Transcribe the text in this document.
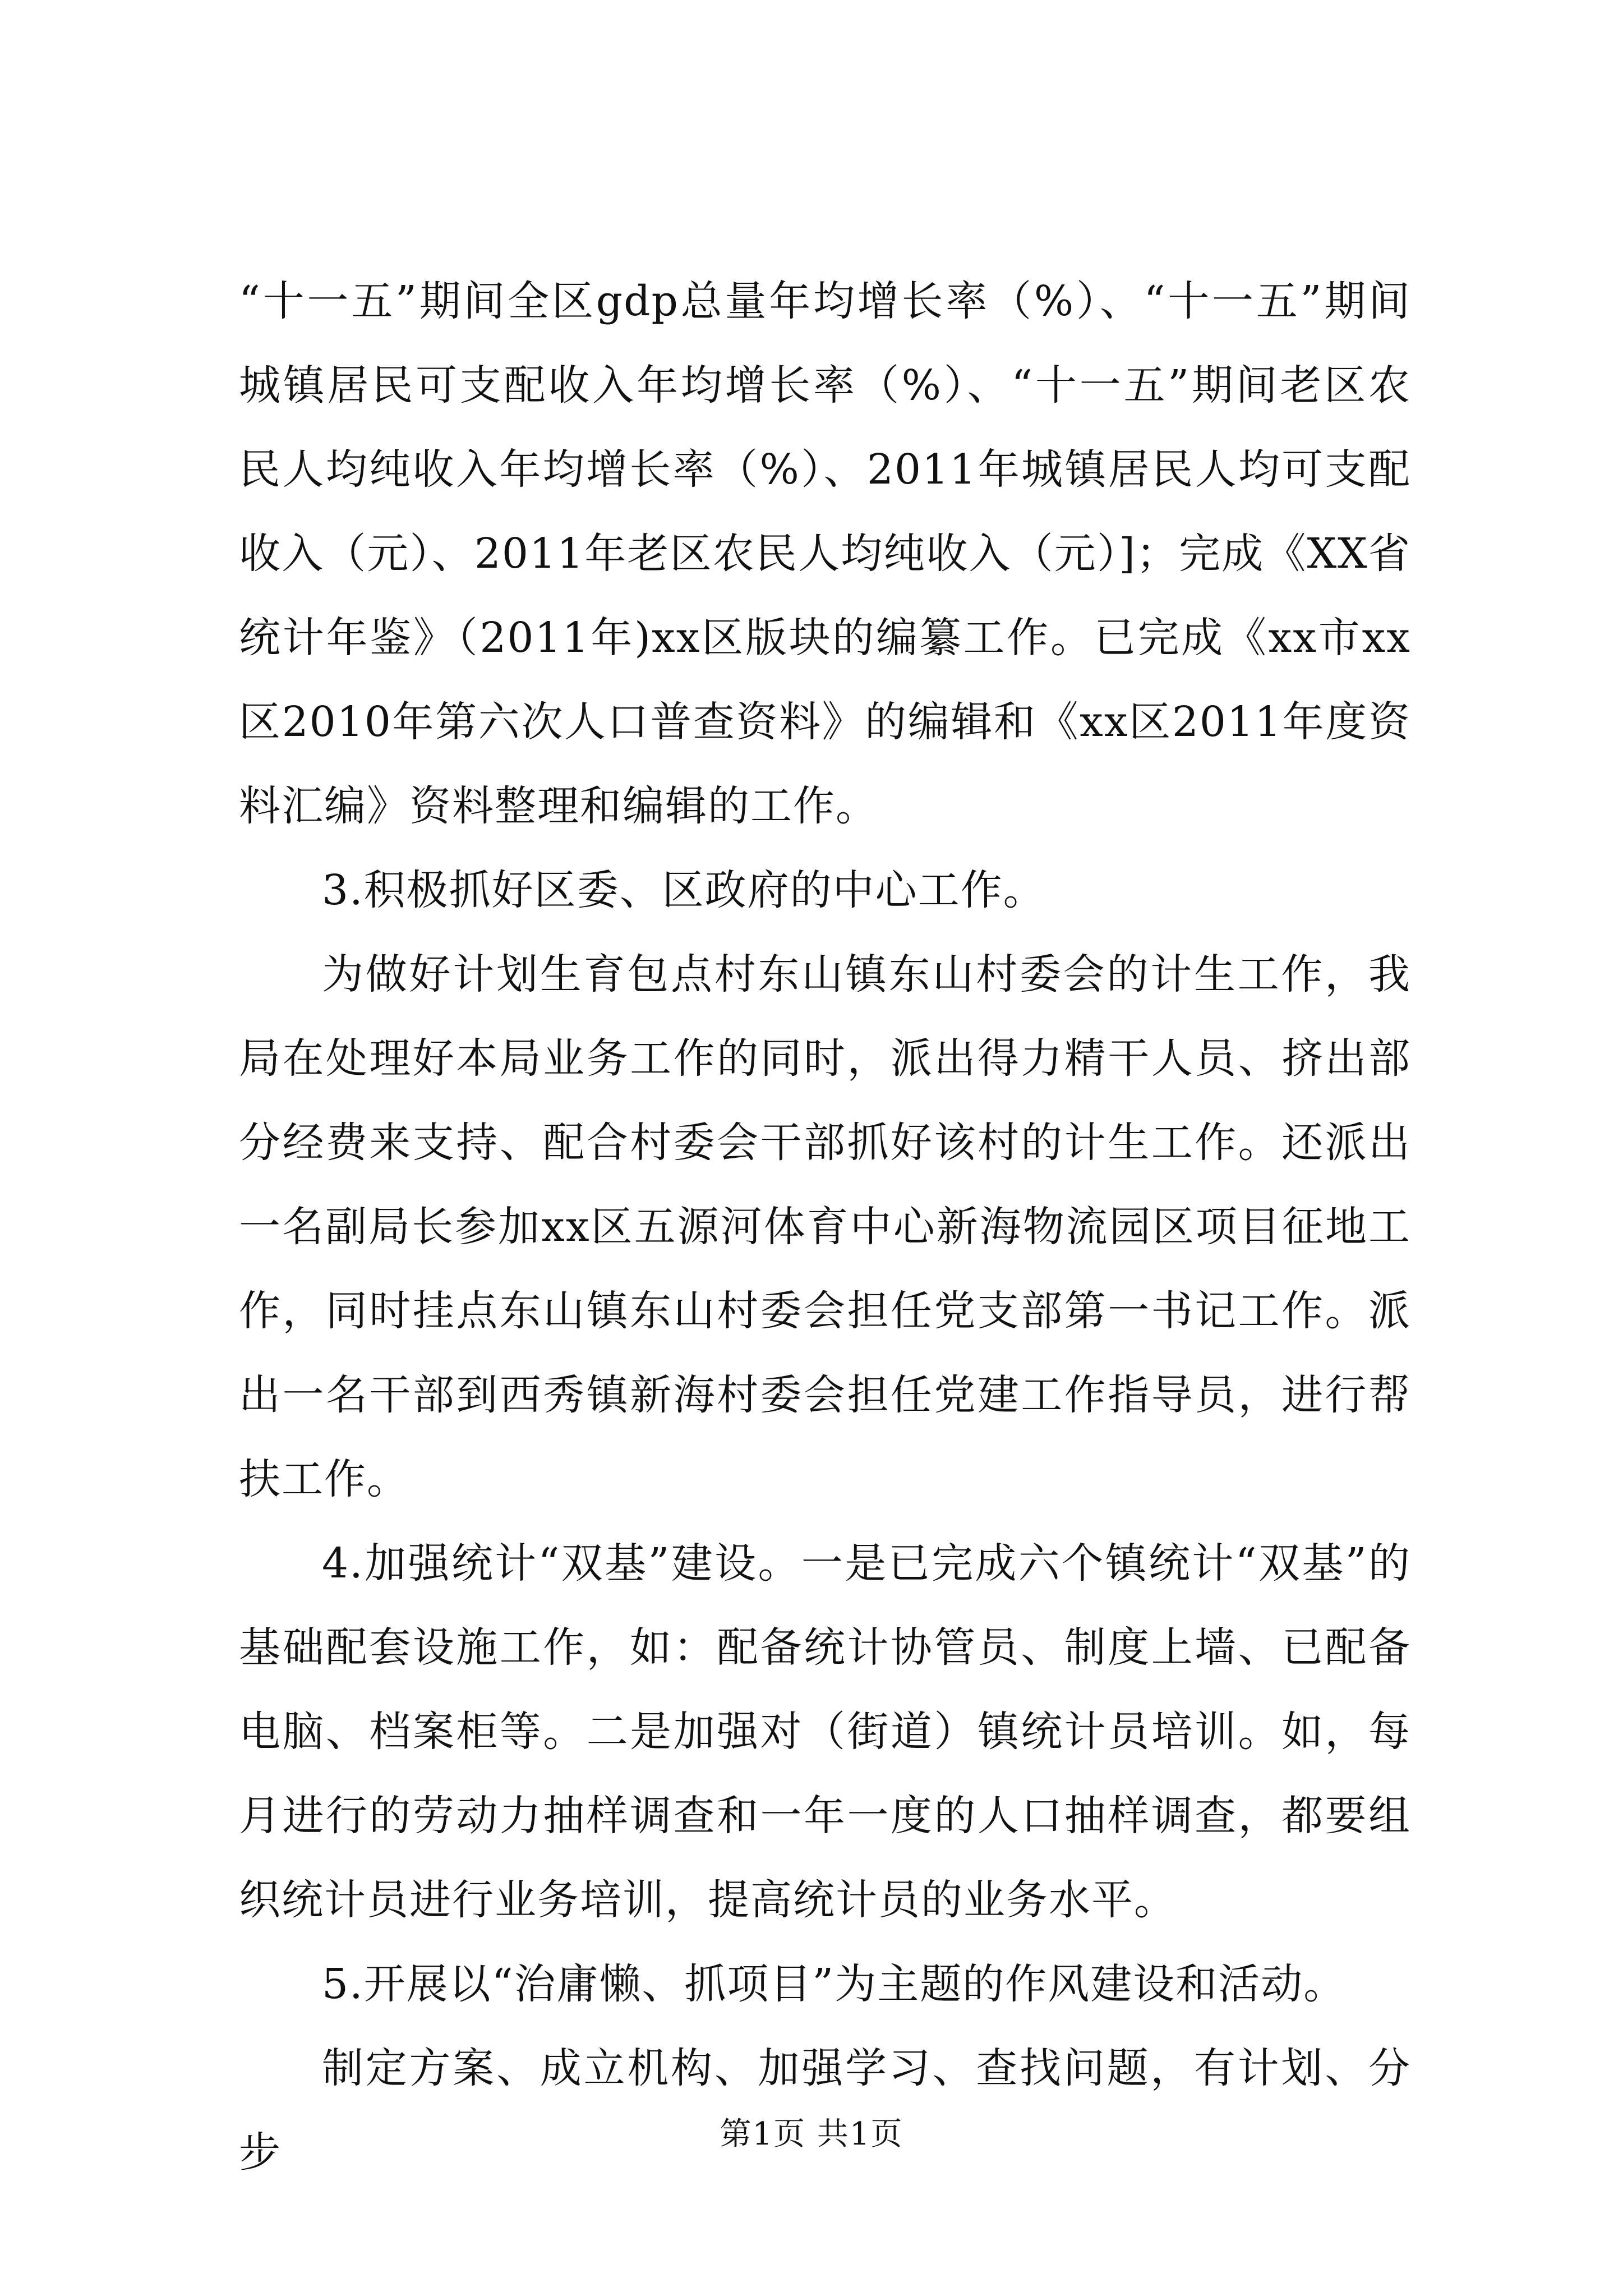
“十一五”期间全区gdp总量年均增长率（%）、“十一五”期间城镇居民可支配收入年均增长率（%）、“十一五”期间老区农民人均纯收入年均增长率（%）、2011年城镇居民人均可支配收入（元）、2011年老区农民人均纯收入（元）]；完成《XX省统计年鉴》（2011年)xx区版块的编纂工作。已完成《xx市xx区2010年第六次人口普查资料》的编辑和《xx区2011年度资料汇编》资料整理和编辑的工作。

3.积极抓好区委、区政府的中心工作。

为做好计划生育包点村东山镇东山村委会的计生工作，我局在处理好本局业务工作的同时，派出得力精干人员、挤出部分经费来支持、配合村委会干部抓好该村的计生工作。还派出一名副局长参加xx区五源河体育中心新海物流园区项目征地工作，同时挂点东山镇东山村委会担任党支部第一书记工作。派出一名干部到西秀镇新海村委会担任党建工作指导员，进行帮扶工作。

4.加强统计“双基”建设。一是已完成六个镇统计“双基”的基础配套设施工作，如：配备统计协管员、制度上墙、已配备电脑、档案柜等。二是加强对（街道）镇统计员培训。如，每月进行的劳动力抽样调查和一年一度的人口抽样调查，都要组织统计员进行业务培训，提高统计员的业务水平。

5.开展以“治庸懒、抓项目”为主题的作风建设和活动。

制定方案、成立机构、加强学习、查找问题，有计划、分步	第1页 共1页
